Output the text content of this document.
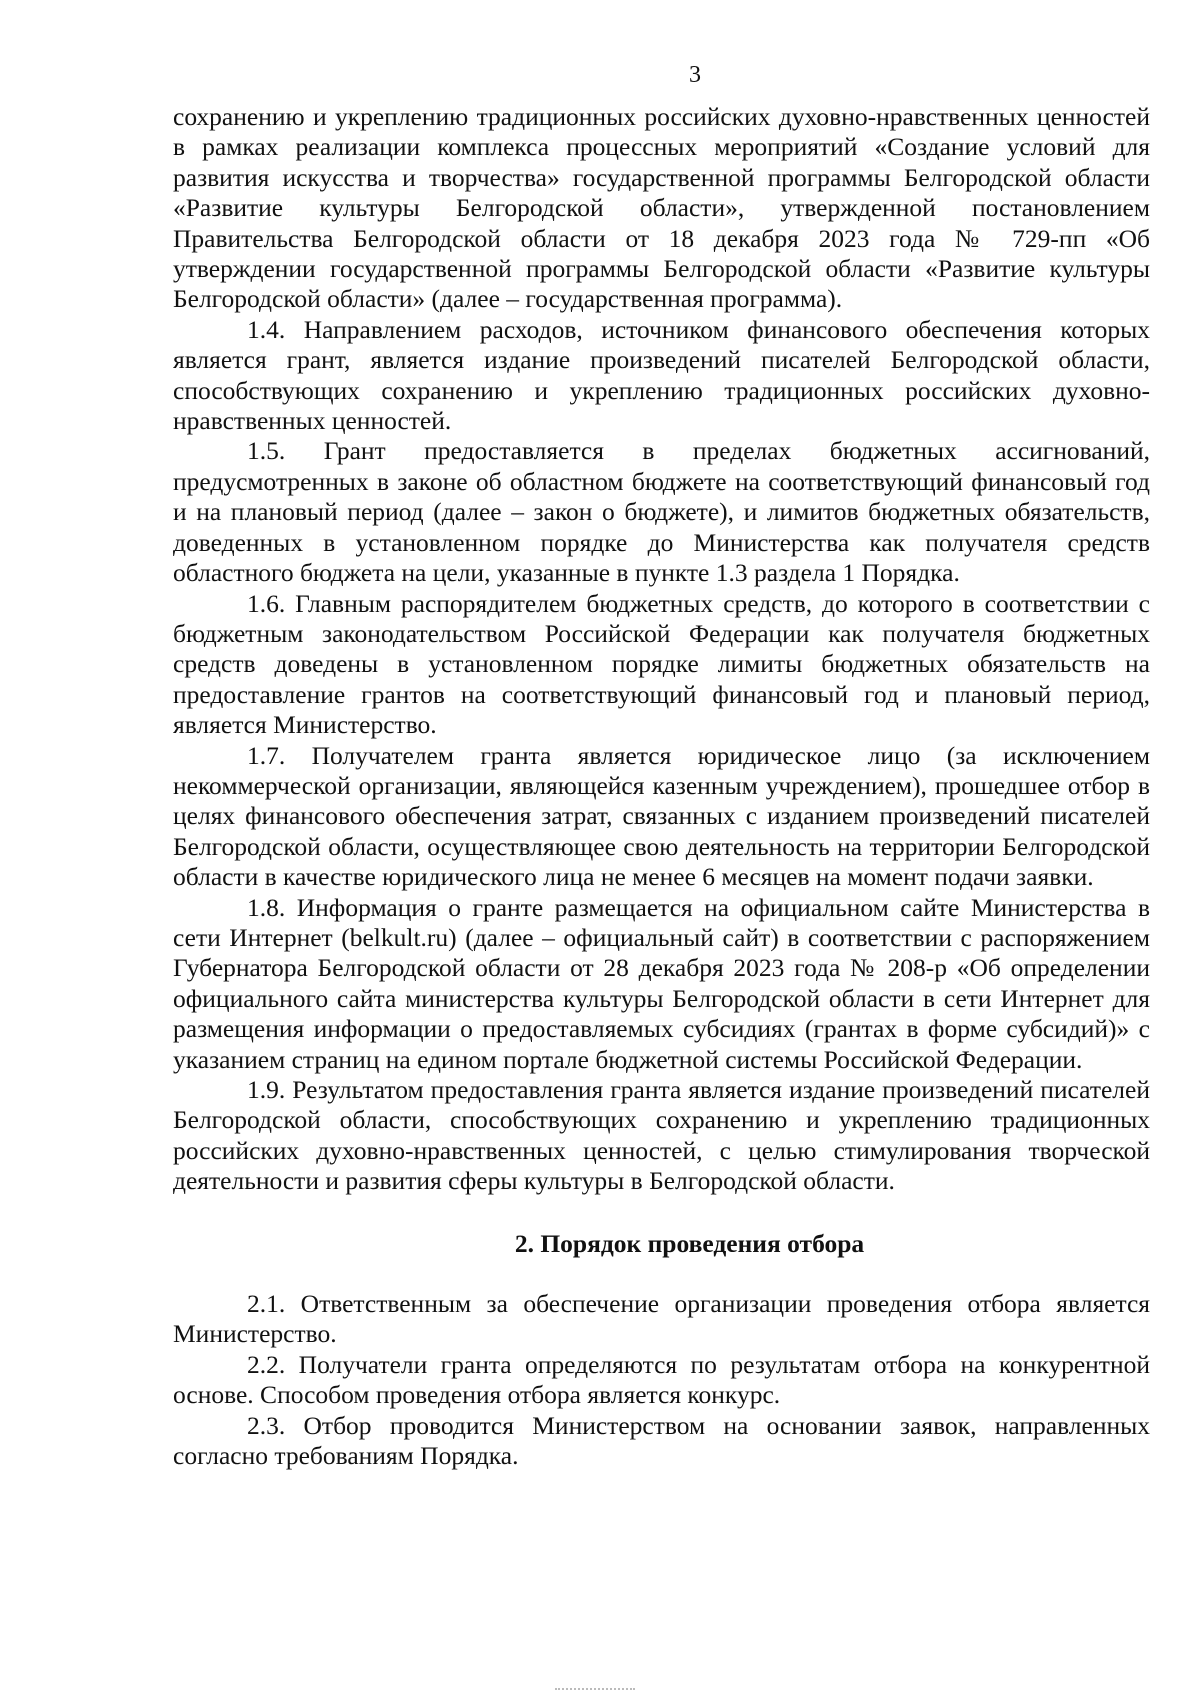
3

сохранению и укреплению традиционных российских духовно-нравственных ценностей в рамках реализации комплекса процессных мероприятий «Создание условий для развития искусства и творчества» государственной программы Белгородской области «Развитие культуры Белгородской области», утвержденной постановлением Правительства Белгородской области от 18 декабря 2023 года № 729-пп «Об утверждении государственной программы Белгородской области «Развитие культуры Белгородской области» (далее – государственная программа).

1.4. Направлением расходов, источником финансового обеспечения которых является грант, является издание произведений писателей Белгородской области, способствующих сохранению и укреплению традиционных российских духовно-нравственных ценностей.

1.5. Грант предоставляется в пределах бюджетных ассигнований, предусмотренных в законе об областном бюджете на соответствующий финансовый год и на плановый период (далее – закон о бюджете), и лимитов бюджетных обязательств, доведенных в установленном порядке до Министерства как получателя средств областного бюджета на цели, указанные в пункте 1.3 раздела 1 Порядка.

1.6. Главным распорядителем бюджетных средств, до которого в соответствии с бюджетным законодательством Российской Федерации как получателя бюджетных средств доведены в установленном порядке лимиты бюджетных обязательств на предоставление грантов на соответствующий финансовый год и плановый период, является Министерство.

1.7. Получателем гранта является юридическое лицо (за исключением некоммерческой организации, являющейся казенным учреждением), прошедшее отбор в целях финансового обеспечения затрат, связанных с изданием произведений писателей Белгородской области, осуществляющее свою деятельность на территории Белгородской области в качестве юридического лица не менее 6 месяцев на момент подачи заявки.

1.8. Информация о гранте размещается на официальном сайте Министерства в сети Интернет (belkult.ru) (далее – официальный сайт) в соответствии с распоряжением Губернатора Белгородской области от 28 декабря 2023 года № 208-р «Об определении официального сайта министерства культуры Белгородской области в сети Интернет для размещения информации о предоставляемых субсидиях (грантах в форме субсидий)» с указанием страниц на едином портале бюджетной системы Российской Федерации.

1.9. Результатом предоставления гранта является издание произведений писателей Белгородской области, способствующих сохранению и укреплению традиционных российских духовно-нравственных ценностей, с целью стимулирования творческой деятельности и развития сферы культуры в Белгородской области.

2. Порядок проведения отбора

2.1. Ответственным за обеспечение организации проведения отбора является Министерство.

2.2. Получатели гранта определяются по результатам отбора на конкурентной основе. Способом проведения отбора является конкурс.

2.3. Отбор проводится Министерством на основании заявок, направленных согласно требованиям Порядка.
